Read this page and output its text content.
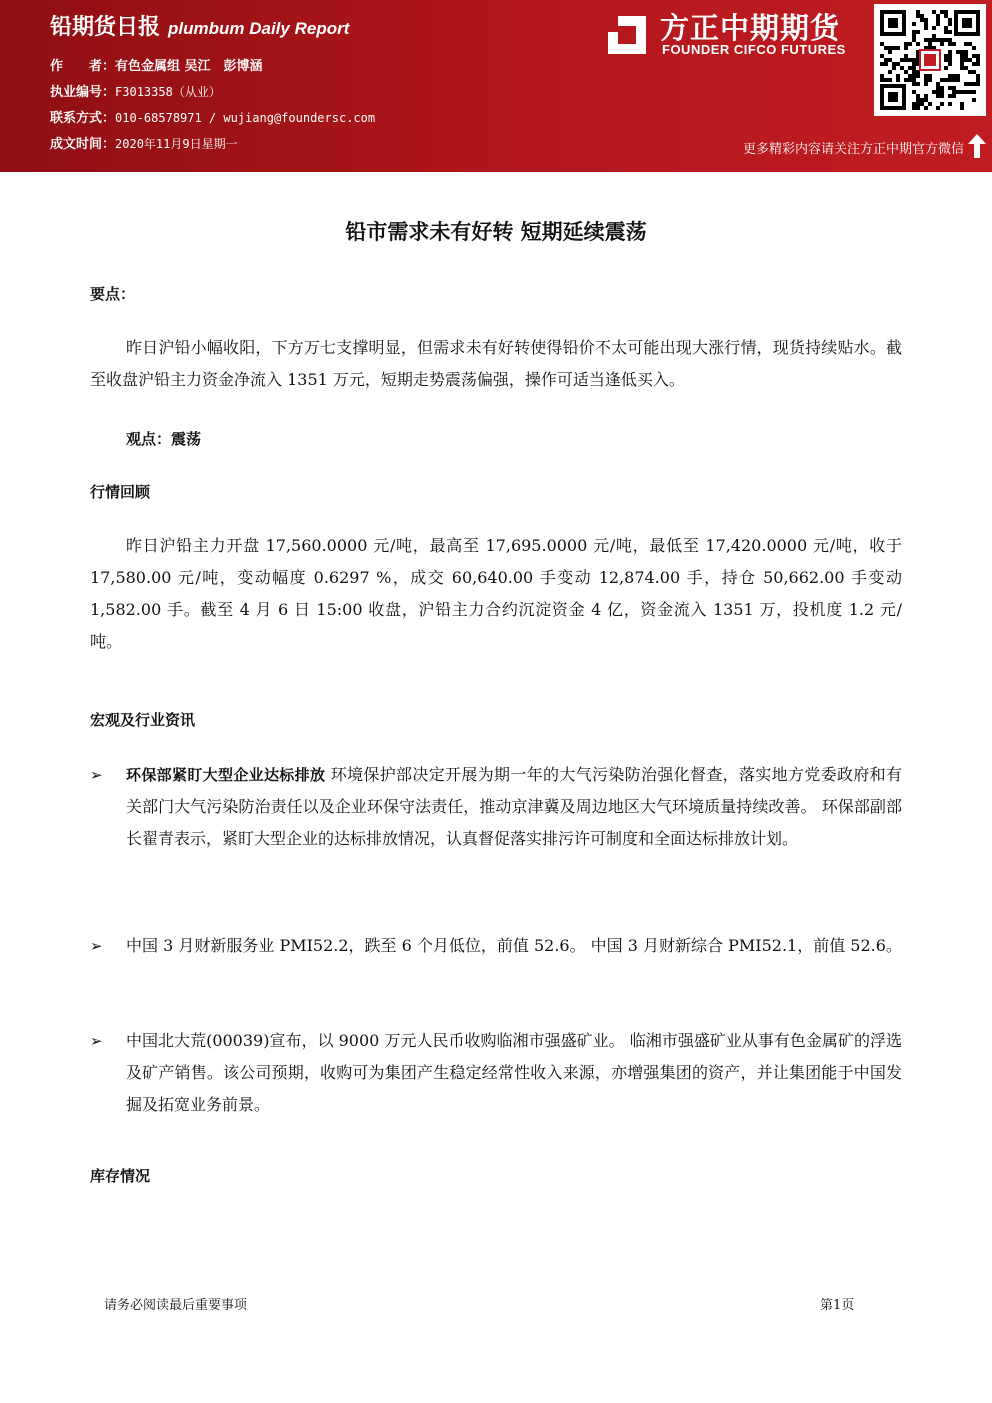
铅期货日报 plumbum Daily Report
作　　者：有色金属组 吴江　彭博涵
执业编号：F3013358（从业）
联系方式：010-68578971 / wujiang@foundersc.com
成文时间：2020年11月9日星期一
方正中期期货
FOUNDER CIFCO FUTURES
更多精彩内容请关注方正中期官方微信
铅市需求未有好转 短期延续震荡
要点：
昨日沪铅小幅收阳，下方万七支撑明显，但需求未有好转使得铅价不太可能出现大涨行情，现货持续贴水。截至收盘沪铅主力资金净流入 1351 万元，短期走势震荡偏强，操作可适当逢低买入。
观点：震荡
行情回顾
昨日沪铅主力开盘 17,560.0000 元/吨，最高至 17,695.0000 元/吨，最低至 17,420.0000 元/吨，收于 17,580.00 元/吨，变动幅度 0.6297 %，成交 60,640.00 手变动 12,874.00 手，持仓 50,662.00 手变动 1,582.00 手。截至 4 月 6 日 15:00 收盘，沪铅主力合约沉淀资金 4 亿，资金流入 1351 万，投机度 1.2 元/吨。
宏观及行业资讯
➢ 环保部紧盯大型企业达标排放 环境保护部决定开展为期一年的大气污染防治强化督查，落实地方党委政府和有关部门大气污染防治责任以及企业环保守法责任，推动京津冀及周边地区大气环境质量持续改善。 环保部副部长翟青表示，紧盯大型企业的达标排放情况，认真督促落实排污许可制度和全面达标排放计划。
➢ 中国 3 月财新服务业 PMI52.2，跌至 6 个月低位，前值 52.6。 中国 3 月财新综合 PMI52.1，前值 52.6。
➢ 中国北大荒(00039)宣布，以 9000 万元人民币收购临湘市强盛矿业。 临湘市强盛矿业从事有色金属矿的浮选及矿产销售。该公司预期，收购可为集团产生稳定经常性收入来源，亦增强集团的资产，并让集团能于中国发掘及拓宽业务前景。
库存情况
请务必阅读最后重要事项	第1页
